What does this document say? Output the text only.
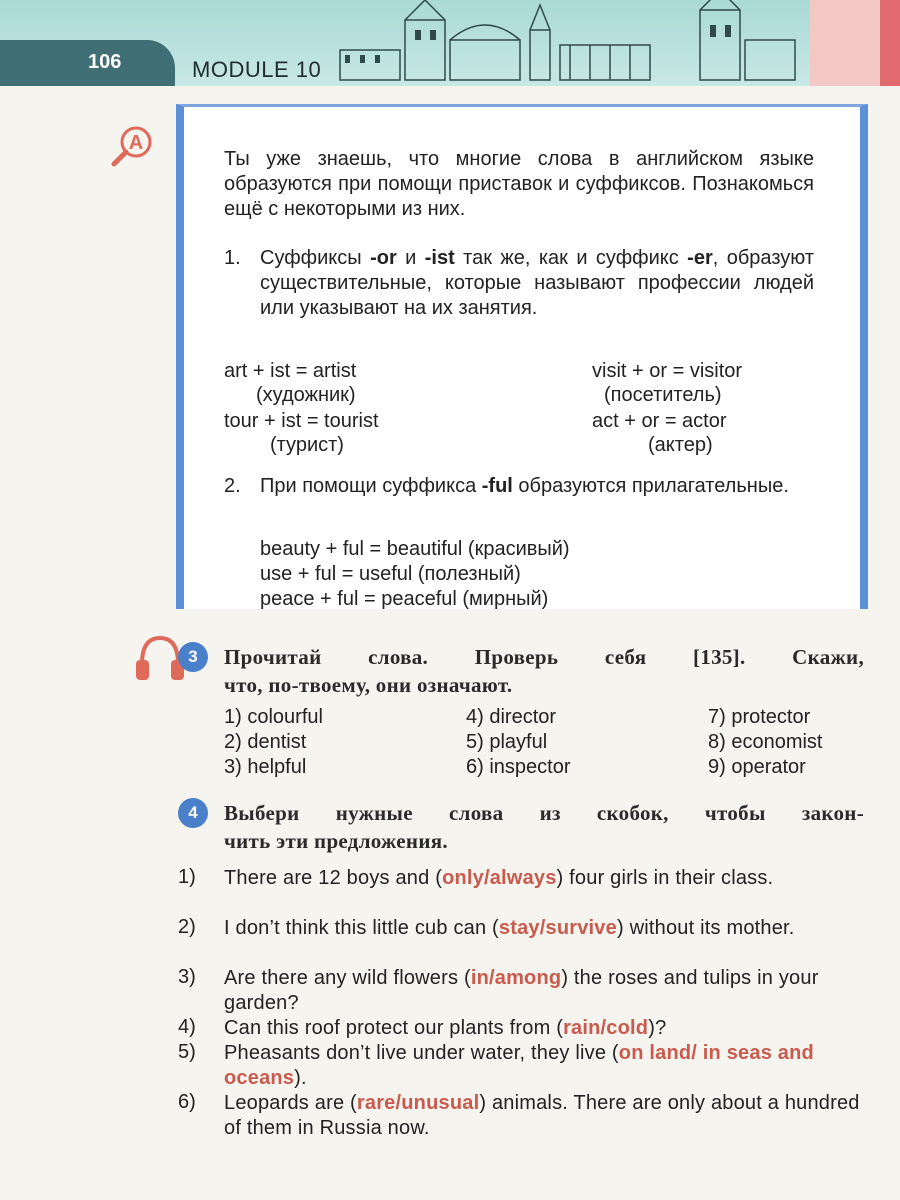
106	MODULE 10
A
Ты уже знаешь, что многие слова в английском языке образуются при помощи приставок и суффиксов. Познакомься ещё с некоторыми из них.
1. Суффиксы -or и -ist так же, как и суффикс -er, образуют существительные, которые называют профессии людей или указывают на их занятия.
art + ist = artist
(художник)
visit + or = visitor
(посетитель)
tour + ist = tourist
(турист)
act + or = actor
(актер)
2. При помощи суффикса -ful образуются прилагательные.
beauty + ful = beautiful (красивый)
use + ful = useful (полезный)
peace + ful = peaceful (мирный)
3	Прочитай слова. Проверь себя [135]. Скажи,
что, по-твоему, они означают.
1) colourful
2) dentist
3) helpful
4) director
5) playful
6) inspector
7) protector
8) economist
9) operator
4	Выбери нужные слова из скобок, чтобы закон-
чить эти предложения.
1) There are 12 boys and (only/always) four girls in their class.
2) I don’t think this little cub can (stay/survive) without its mother.
3) Are there any wild flowers (in/among) the roses and tulips in your garden?
4) Can this roof protect our plants from (rain/cold)?
5) Pheasants don’t live under water, they live (on land/ in seas and oceans).
6) Leopards are (rare/unusual) animals. There are only about a hundred of them in Russia now.
